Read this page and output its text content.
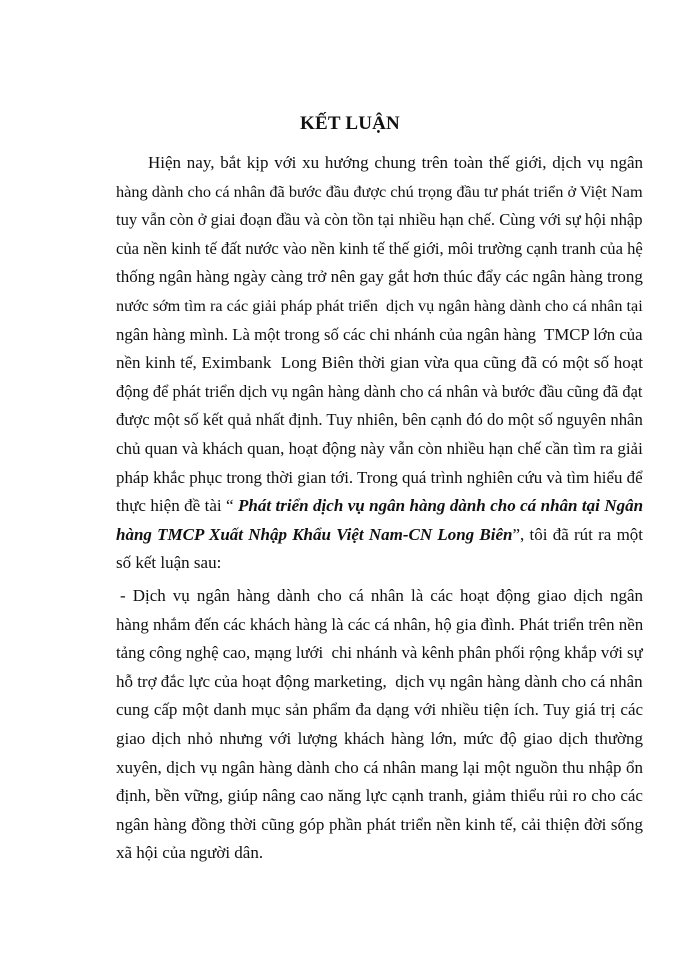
KẾT LUẬN
Hiện nay, bắt kịp với xu hướng chung trên toàn thế giới, dịch vụ ngân
hàng dành cho cá nhân đã bước đầu được chú trọng đầu tư phát triển ở Việt Nam
tuy vẫn còn ở giai đoạn đầu và còn tồn tại nhiều hạn chế. Cùng với sự hội nhập
của nền kinh tế đất nước vào nền kinh tế thế giới, môi trường cạnh tranh của hệ
thống ngân hàng ngày càng trở nên gay gắt hơn thúc đẩy các ngân hàng trong
nước sớm tìm ra các giải pháp phát triển  dịch vụ ngân hàng dành cho cá nhân tại
ngân hàng mình. Là một trong số các chi nhánh của ngân hàng  TMCP lớn của
nền kinh tế, Eximbank  Long Biên thời gian vừa qua cũng đã có một số hoạt
động để phát triển dịch vụ ngân hàng dành cho cá nhân và bước đầu cũng đã đạt
được một số kết quả nhất định. Tuy nhiên, bên cạnh đó do một số nguyên nhân
chủ quan và khách quan, hoạt động này vẫn còn nhiều hạn chế cần tìm ra giải
pháp khắc phục trong thời gian tới. Trong quá trình nghiên cứu và tìm hiểu để
thực hiện đề tài “ Phát triển dịch vụ ngân hàng dành cho cá nhân tại Ngân
hàng TMCP Xuất Nhập Khẩu Việt Nam-CN Long Biên”, tôi đã rút ra một
số kết luận sau:
- Dịch vụ ngân hàng dành cho cá nhân là các hoạt động giao dịch ngân
hàng nhắm đến các khách hàng là các cá nhân, hộ gia đình. Phát triển trên nền
tảng công nghệ cao, mạng lưới  chi nhánh và kênh phân phối rộng khắp với sự
hỗ trợ đắc lực của hoạt động marketing,  dịch vụ ngân hàng dành cho cá nhân
cung cấp một danh mục sản phẩm đa dạng với nhiều tiện ích. Tuy giá trị các
giao dịch nhỏ nhưng với lượng khách hàng lớn, mức độ giao dịch thường
xuyên, dịch vụ ngân hàng dành cho cá nhân mang lại một nguồn thu nhập ổn
định, bền vững, giúp nâng cao năng lực cạnh tranh, giảm thiểu rủi ro cho các
ngân hàng đồng thời cũng góp phần phát triển nền kinh tế, cải thiện đời sống
xã hội của người dân.
